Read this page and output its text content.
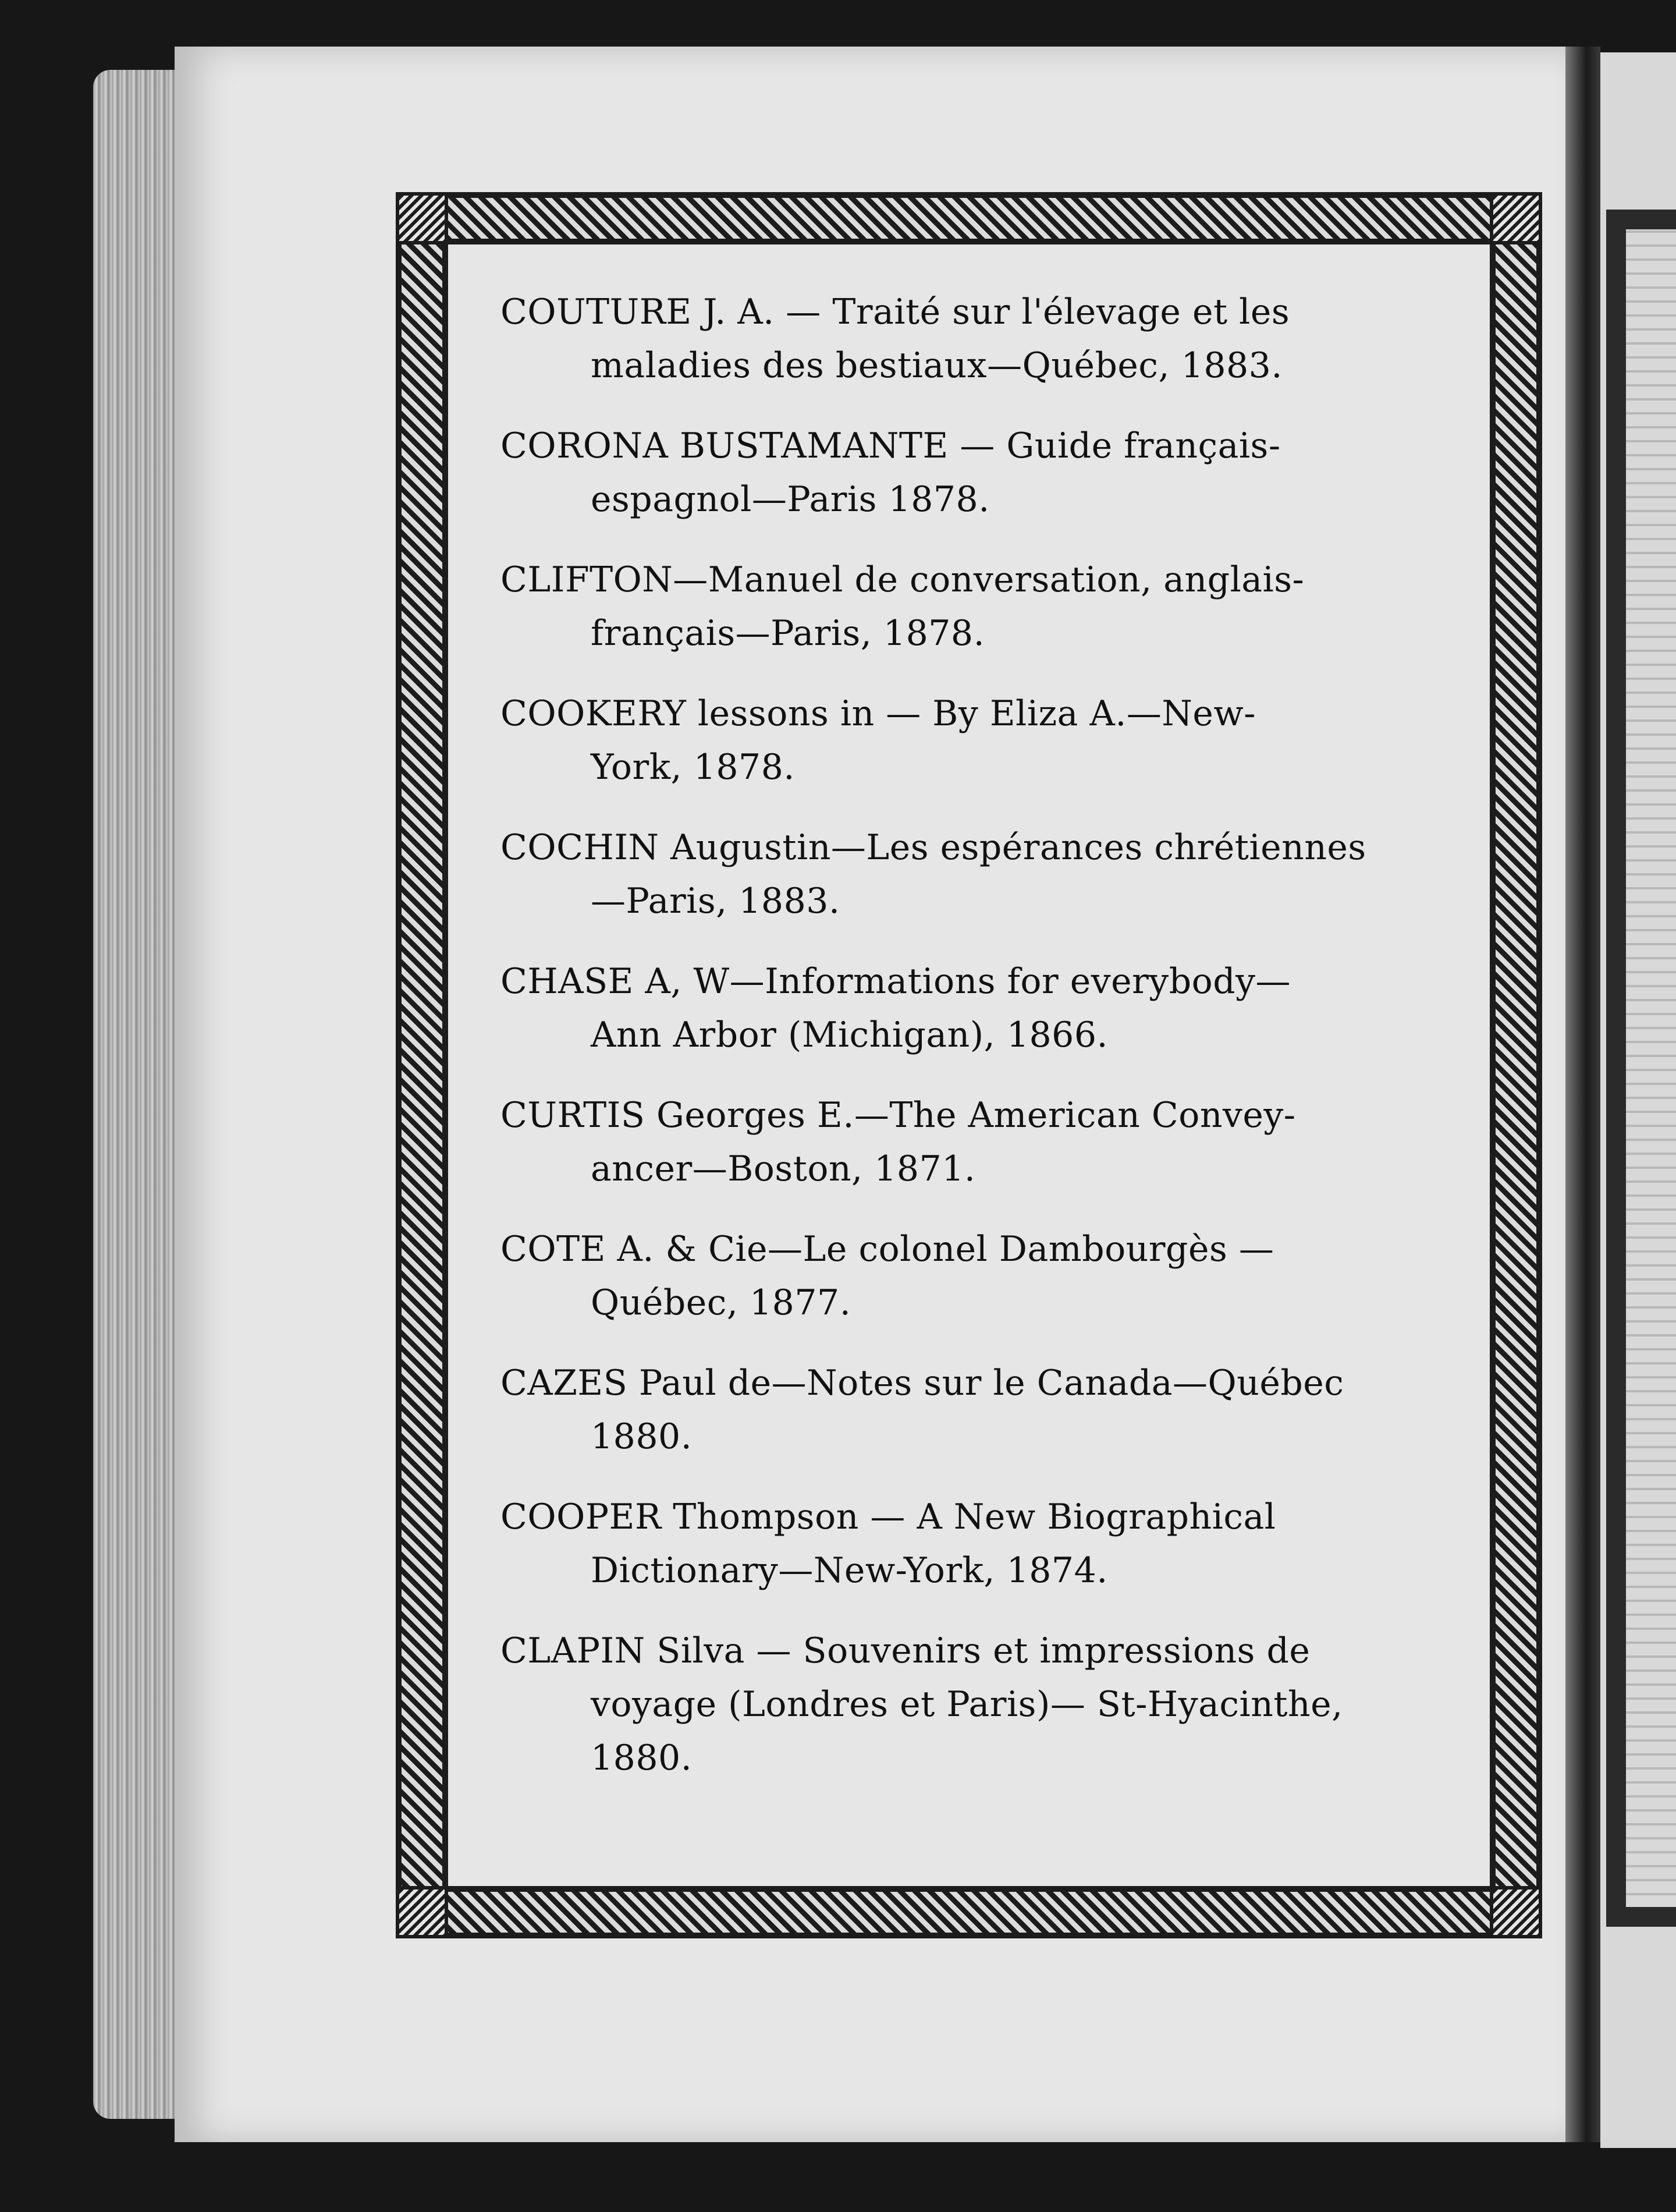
COUTURE J. A. — Traité sur l'élevage et les
maladies des bestiaux—Québec, 1883.
CORONA BUSTAMANTE — Guide français-
espagnol—Paris 1878.
CLIFTON—Manuel de conversation, anglais-
français—Paris, 1878.
COOKERY lessons in — By Eliza A.—New-
York, 1878.
COCHIN Augustin—Les espérances chrétiennes
—Paris, 1883.
CHASE A, W—Informations for everybody—
Ann Arbor (Michigan), 1866.
CURTIS Georges E.—The American Convey-
ancer—Boston, 1871.
COTE A. & Cie—Le colonel Dambourgès —
Québec, 1877.
CAZES Paul de—Notes sur le Canada—Québec
1880.
COOPER Thompson — A New Biographical
Dictionary—New-York, 1874.
CLAPIN Silva — Souvenirs et impressions de
voyage (Londres et Paris)— St-Hyacinthe,
1880.
